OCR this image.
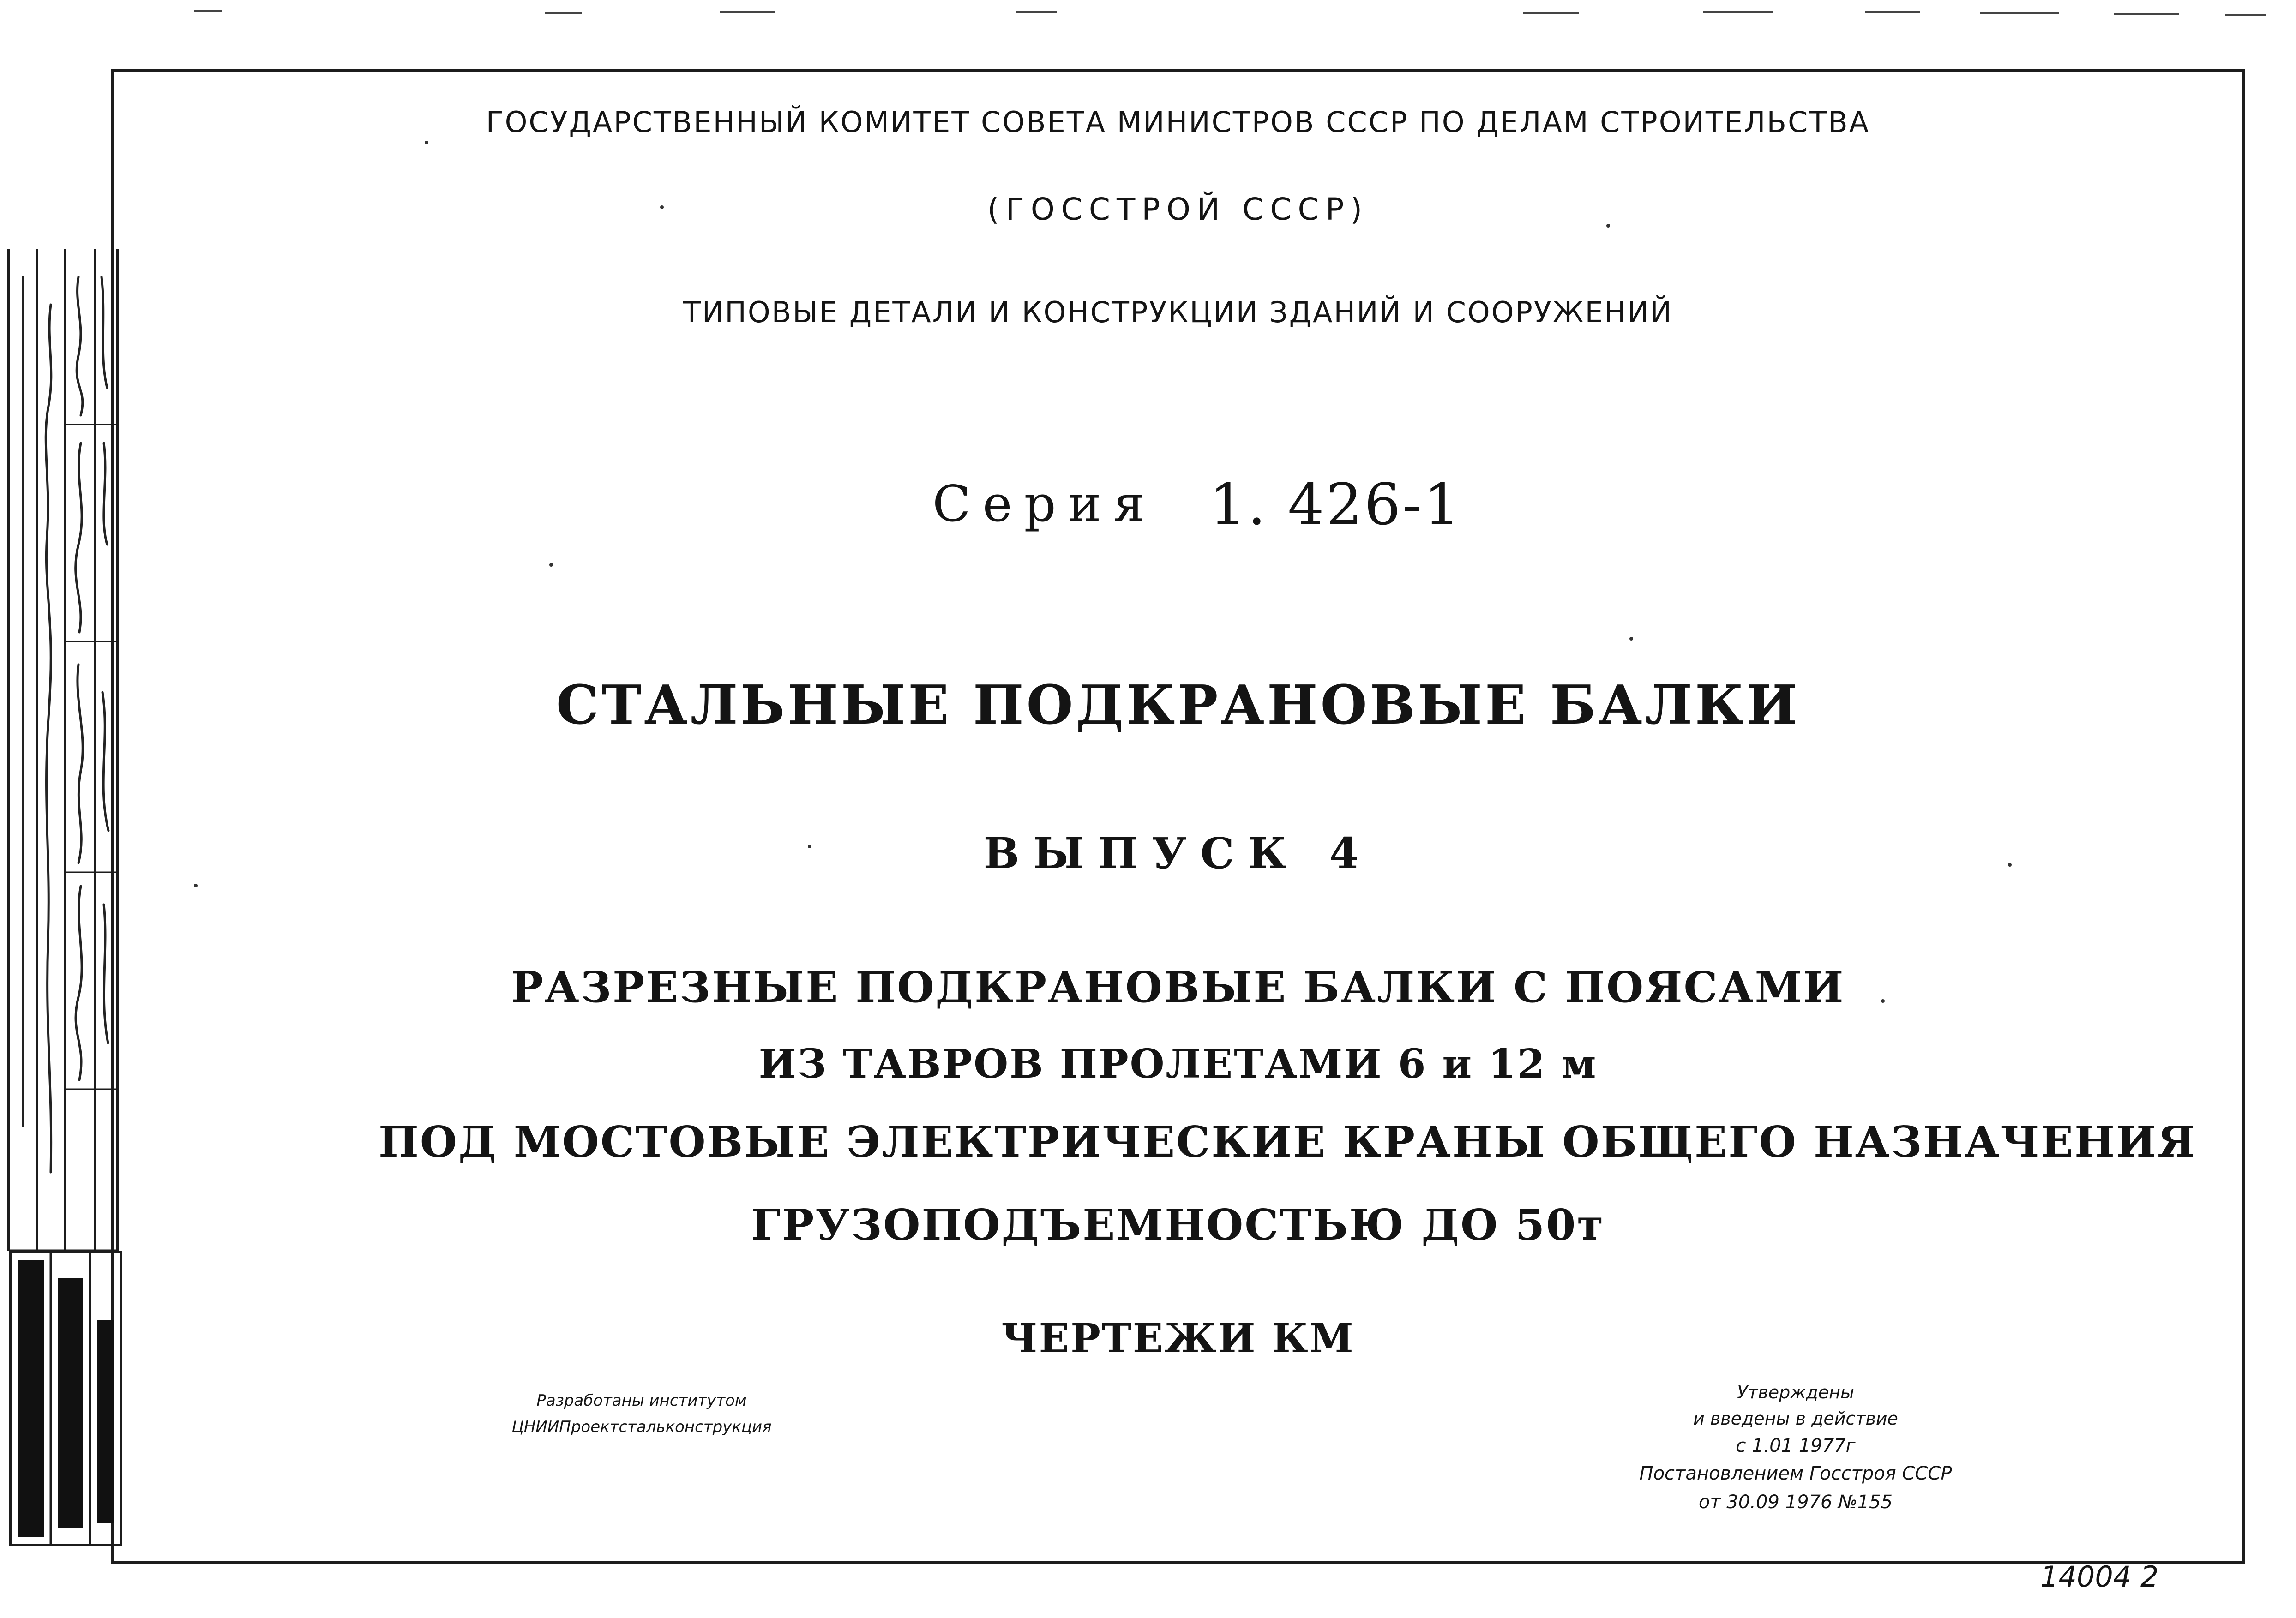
ГОСУДАРСТВЕННЫЙ КОМИТЕТ СОВЕТА МИНИСТРОВ СССР ПО ДЕЛАМ СТРОИТЕЛЬСТВА
(ГОССТРОЙ СССР)
ТИПОВЫЕ ДЕТАЛИ И КОНСТРУКЦИИ ЗДАНИЙ И СООРУЖЕНИЙ
Серия 1. 426-1
СТАЛЬНЫЕ ПОДКРАНОВЫЕ БАЛКИ
ВЫПУСК 4
РАЗРЕЗНЫЕ ПОДКРАНОВЫЕ БАЛКИ С ПОЯСАМИ
ИЗ ТАВРОВ ПРОЛЕТАМИ 6 и 12 м
ПОД МОСТОВЫЕ ЭЛЕКТРИЧЕСКИЕ КРАНЫ ОБЩЕГО НАЗНАЧЕНИЯ
ГРУЗОПОДЪЕМНОСТЬЮ ДО 50т
ЧЕРТЕЖИ КМ
Разработаны институтом
ЦНИИПроектстальконструкция
Утверждены
и введены в действие
с 1.01 1977г
Постановлением Госстроя СССР
от 30.09 1976 №155
14004 2
